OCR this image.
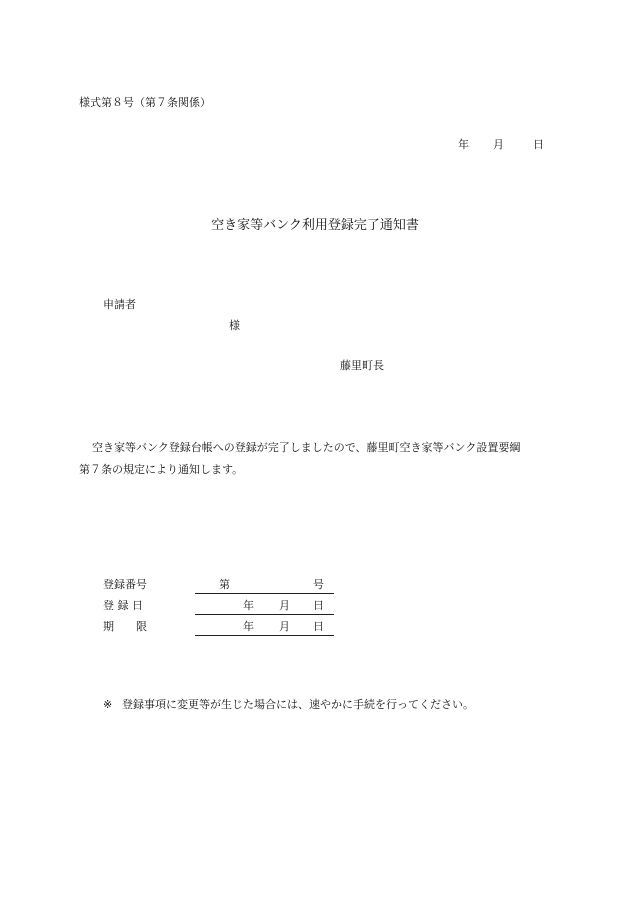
様式第８号（第７条関係）
年 月	日
空き家等バンク利用登録完了通知書
申請者
様
藤里町長
空き家等バンク登録台帳への登録が完了しましたので、藤里町空き家等バンク設置要綱
第７条の規定により通知します。
登録番号	第	号
登 録 日	年 月 日
期　　限	年 月 日
※ 登録事項に変更等が生じた場合には、速やかに手続を行ってください。
